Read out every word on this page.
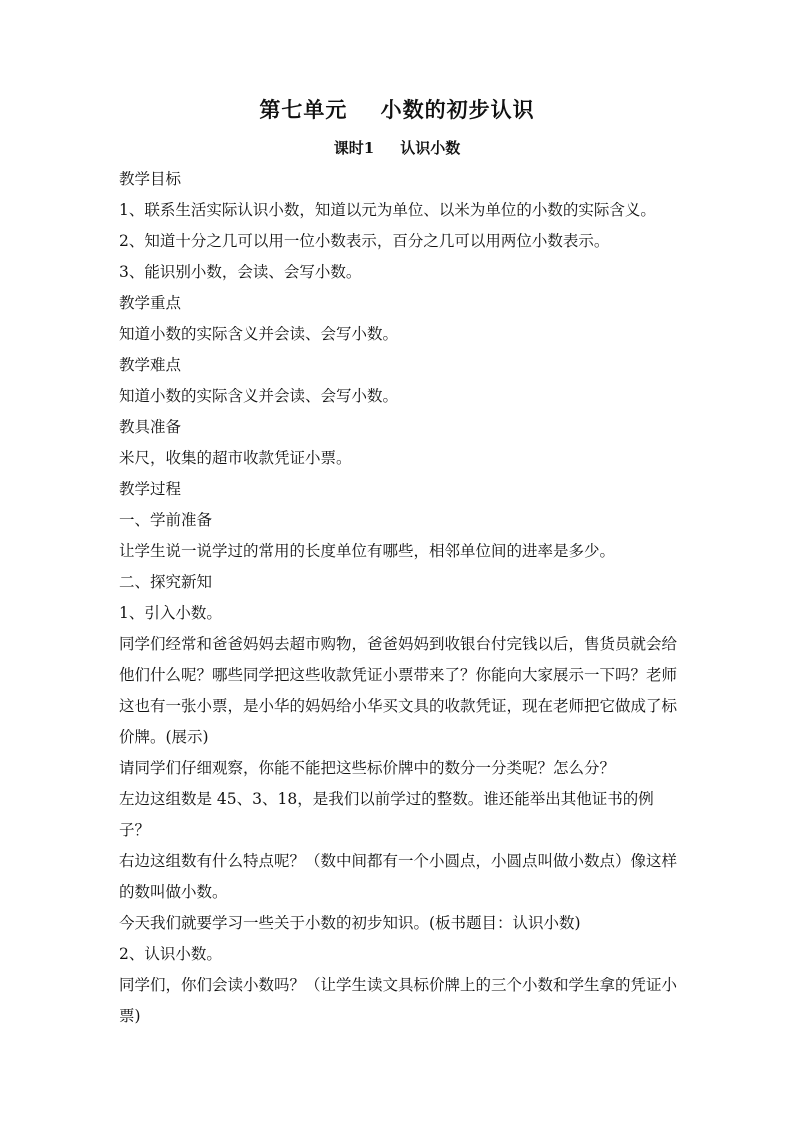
第七单元    小数的初步认识
课时1     认识小数

教学目标

1、联系生活实际认识小数，知道以元为单位、以米为单位的小数的实际含义。

2、知道十分之几可以用一位小数表示，百分之几可以用两位小数表示。

3、能识别小数，会读、会写小数。

教学重点

知道小数的实际含义并会读、会写小数。

教学难点

知道小数的实际含义并会读、会写小数。

教具准备

米尺，收集的超市收款凭证小票。

教学过程

一、学前准备

让学生说一说学过的常用的长度单位有哪些，相邻单位间的进率是多少。

二、探究新知

1、引入小数。

同学们经常和爸爸妈妈去超市购物，爸爸妈妈到收银台付完钱以后，售货员就会给他们什么呢？哪些同学把这些收款凭证小票带来了？你能向大家展示一下吗？老师这也有一张小票，是小华的妈妈给小华买文具的收款凭证，现在老师把它做成了标价牌。(展示)

请同学们仔细观察，你能不能把这些标价牌中的数分一分类呢？怎么分？

左边这组数是 45、3、18，是我们以前学过的整数。谁还能举出其他证书的例子？

右边这组数有什么特点呢？（数中间都有一个小圆点，小圆点叫做小数点）像这样的数叫做小数。

今天我们就要学习一些关于小数的初步知识。(板书题目：认识小数)

2、认识小数。

同学们，你们会读小数吗？（让学生读文具标价牌上的三个小数和学生拿的凭证小票)
